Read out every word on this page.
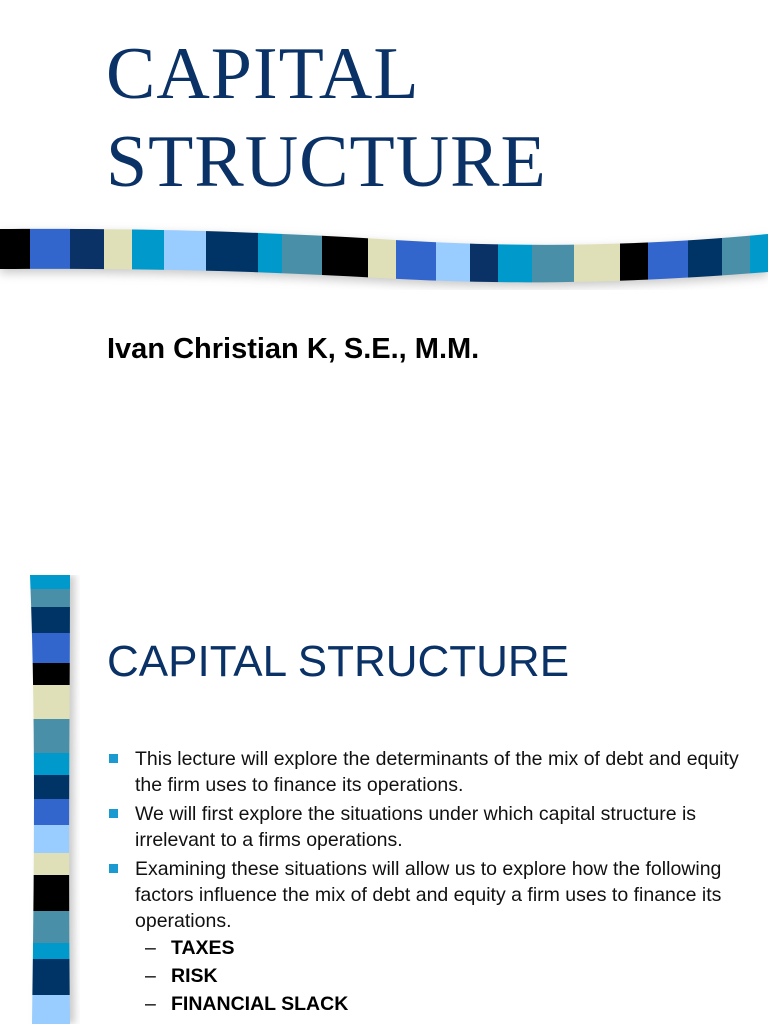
CAPITAL
STRUCTURE

Ivan Christian K, S.E., M.M.

CAPITAL STRUCTURE
This lecture will explore the determinants of the mix of debt and equity the firm uses to finance its operations.
We will first explore the situations under which capital structure is irrelevant to a firms operations.
Examining these situations will allow us to explore how the following factors influence the mix of debt and equity a firm uses to finance its operations.
– TAXES
– RISK
– FINANCIAL SLACK
